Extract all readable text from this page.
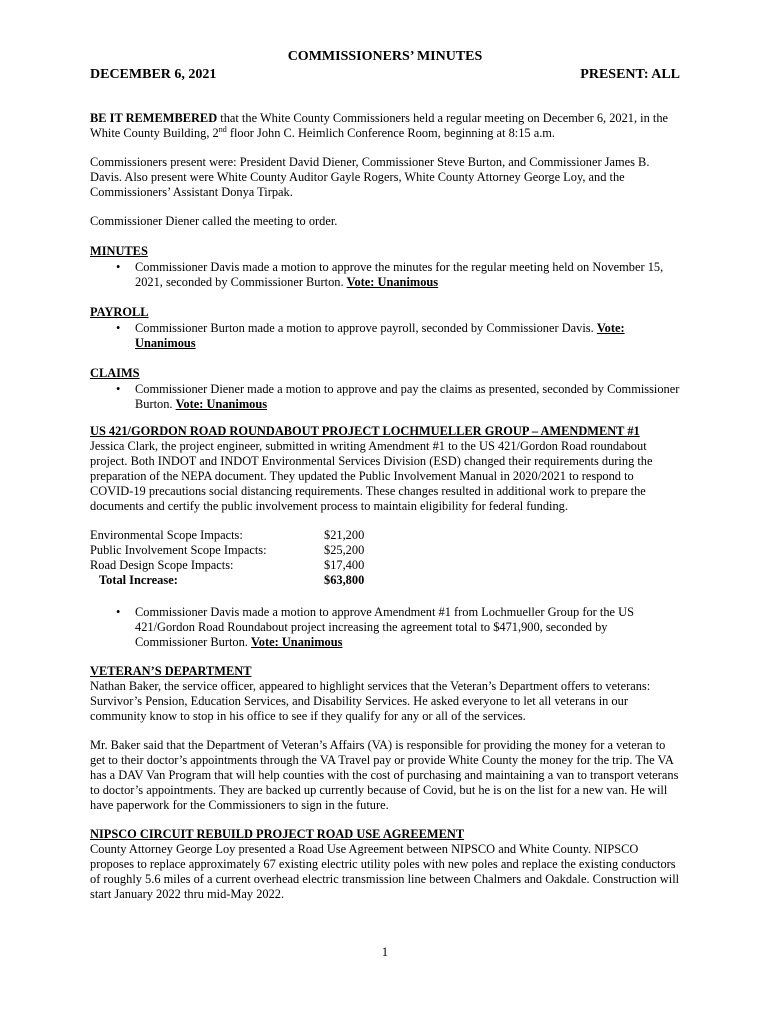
COMMISSIONERS’ MINUTES
DECEMBER 6, 2021	PRESENT: ALL

BE IT REMEMBERED that the White County Commissioners held a regular meeting on December 6, 2021, in the White County Building, 2nd floor John C. Heimlich Conference Room, beginning at 8:15 a.m.

Commissioners present were: President David Diener, Commissioner Steve Burton, and Commissioner James B. Davis. Also present were White County Auditor Gayle Rogers, White County Attorney George Loy, and the Commissioners’ Assistant Donya Tirpak.

Commissioner Diener called the meeting to order.

MINUTES
• Commissioner Davis made a motion to approve the minutes for the regular meeting held on November 15, 2021, seconded by Commissioner Burton. Vote: Unanimous
PAYROLL
• Commissioner Burton made a motion to approve payroll, seconded by Commissioner Davis. Vote: Unanimous
CLAIMS
• Commissioner Diener made a motion to approve and pay the claims as presented, seconded by Commissioner Burton. Vote: Unanimous
US 421/GORDON ROAD ROUNDABOUT PROJECT LOCHMUELLER GROUP – AMENDMENT #1

Jessica Clark, the project engineer, submitted in writing Amendment #1 to the US 421/Gordon Road roundabout project. Both INDOT and INDOT Environmental Services Division (ESD) changed their requirements during the preparation of the NEPA document. They updated the Public Involvement Manual in 2020/2021 to respond to COVID-19 precautions social distancing requirements. These changes resulted in additional work to prepare the documents and certify the public involvement process to maintain eligibility for federal funding.

Environmental Scope Impacts:	$21,200
Public Involvement Scope Impacts:	$25,200
Road Design Scope Impacts:	$17,400
Total Increase:	$63,800
• Commissioner Davis made a motion to approve Amendment #1 from Lochmueller Group for the US 421/Gordon Road Roundabout project increasing the agreement total to $471,900, seconded by Commissioner Burton. Vote: Unanimous
VETERAN’S DEPARTMENT

Nathan Baker, the service officer, appeared to highlight services that the Veteran’s Department offers to veterans: Survivor’s Pension, Education Services, and Disability Services. He asked everyone to let all veterans in our community know to stop in his office to see if they qualify for any or all of the services.

Mr. Baker said that the Department of Veteran’s Affairs (VA) is responsible for providing the money for a veteran to get to their doctor’s appointments through the VA Travel pay or provide White County the money for the trip. The VA has a DAV Van Program that will help counties with the cost of purchasing and maintaining a van to transport veterans to doctor’s appointments. They are backed up currently because of Covid, but he is on the list for a new van. He will have paperwork for the Commissioners to sign in the future.

NIPSCO CIRCUIT REBUILD PROJECT ROAD USE AGREEMENT

County Attorney George Loy presented a Road Use Agreement between NIPSCO and White County. NIPSCO proposes to replace approximately 67 existing electric utility poles with new poles and replace the existing conductors of roughly 5.6 miles of a current overhead electric transmission line between Chalmers and Oakdale. Construction will start January 2022 thru mid-May 2022.

1
